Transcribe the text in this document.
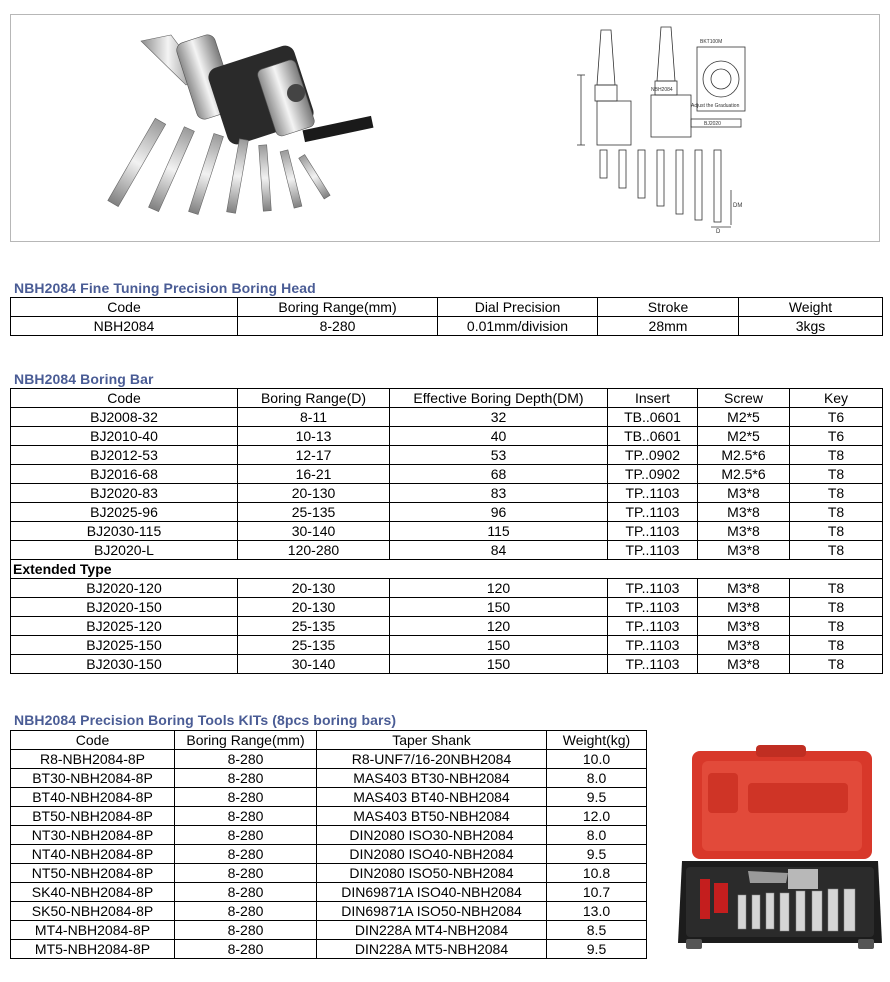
BKT100M
NBH2084
Adjust the Graduation
BJ2020
D
DM
NBH2084 Fine Tuning Precision Boring Head
Code	Boring Range(mm)	Dial Precision	Stroke	Weight
NBH2084	8-280	0.01mm/division	28mm	3kgs
NBH2084 Boring Bar
Code	Boring Range(D)	Effective Boring Depth(DM)	Insert	Screw	Key
BJ2008-32	8-11	32	TB..0601	M2*5	T6
BJ2010-40	10-13	40	TB..0601	M2*5	T6
BJ2012-53	12-17	53	TP..0902	M2.5*6	T8
BJ2016-68	16-21	68	TP..0902	M2.5*6	T8
BJ2020-83	20-130	83	TP..1103	M3*8	T8
BJ2025-96	25-135	96	TP..1103	M3*8	T8
BJ2030-115	30-140	115	TP..1103	M3*8	T8
BJ2020-L	120-280	84	TP..1103	M3*8	T8
Extended Type					
BJ2020-120	20-130	120	TP..1103	M3*8	T8
BJ2020-150	20-130	150	TP..1103	M3*8	T8
BJ2025-120	25-135	120	TP..1103	M3*8	T8
BJ2025-150	25-135	150	TP..1103	M3*8	T8
BJ2030-150	30-140	150	TP..1103	M3*8	T8
NBH2084 Precision Boring Tools KITs (8pcs boring bars)
Code	Boring Range(mm)	Taper Shank	Weight(kg)
R8-NBH2084-8P	8-280	R8-UNF7/16-20NBH2084	10.0
BT30-NBH2084-8P	8-280	MAS403 BT30-NBH2084	8.0
BT40-NBH2084-8P	8-280	MAS403 BT40-NBH2084	9.5
BT50-NBH2084-8P	8-280	MAS403 BT50-NBH2084	12.0
NT30-NBH2084-8P	8-280	DIN2080 ISO30-NBH2084	8.0
NT40-NBH2084-8P	8-280	DIN2080 ISO40-NBH2084	9.5
NT50-NBH2084-8P	8-280	DIN2080 ISO50-NBH2084	10.8
SK40-NBH2084-8P	8-280	DIN69871A ISO40-NBH2084	10.7
SK50-NBH2084-8P	8-280	DIN69871A ISO50-NBH2084	13.0
MT4-NBH2084-8P	8-280	DIN228A MT4-NBH2084	8.5
MT5-NBH2084-8P	8-280	DIN228A MT5-NBH2084	9.5
